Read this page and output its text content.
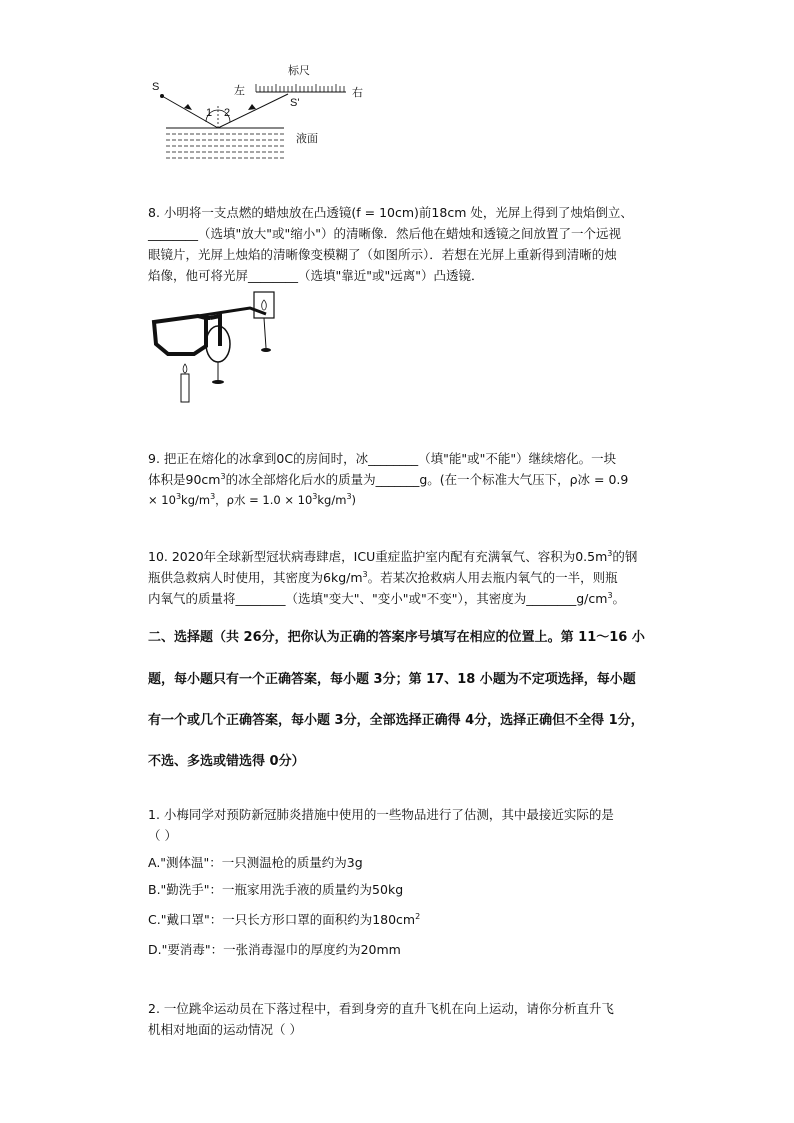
标尺
左	右
S'
S
1 2
液面
8. 小明将一支点燃的蜡烛放在凸透镜(f = 10cm)前18cm 处，光屏上得到了烛焰倒立、
________（选填"放大"或"缩小"）的清晰像．然后他在蜡烛和透镜之间放置了一个远视
眼镜片，光屏上烛焰的清晰像变模糊了（如图所示）．若想在光屏上重新得到清晰的烛
焰像，他可将光屏________（选填"靠近"或"远离"）凸透镜．
9. 把正在熔化的冰拿到0C的房间时，冰________（填"能"或"不能"）继续熔化。一块
体积是$90cm^3$的冰全部熔化后水的质量为_______g。(在一个标准大气压下，ρ冰 = 0.9
× $10^3kg/m^3$，ρ水 = $1.0 \times 10^3kg/m^3$)
10. 2020年全球新型冠状病毒肆虐，ICU重症监护室内配有充满氧气、容积为$0.5m^3$的钢
瓶供急救病人时使用，其密度为$6kg/m^3$。若某次抢救病人用去瓶内氧气的一半，则瓶
内氧气的质量将________（选填"变大"、"变小"或"不变"），其密度为$\_\_\_\_\_\_\_\_g/cm^3$。
二、选择题（共 26分，把你认为正确的答案序号填写在相应的位置上。第 11～16 小
题，每小题只有一个正确答案，每小题 3分；第 17、18 小题为不定项选择，每小题
有一个或几个正确答案，每小题 3分，全部选择正确得 4分，选择正确但不全得 1分，
不选、多选或错选得 0分）
1. 小梅同学对预防新冠肺炎措施中使用的一些物品进行了估测，其中最接近实际的是
（ ）
A."测体温"：一只测温枪的质量约为3g
B."勤洗手"：一瓶家用洗手液的质量约为50kg
C."戴口罩"：一只长方形口罩的面积约为$180cm^2$
D."要消毒"：一张消毒湿巾的厚度约为20mm
2. 一位跳伞运动员在下落过程中，看到身旁的直升飞机在向上运动，请你分析直升飞
机相对地面的运动情况（ ）
